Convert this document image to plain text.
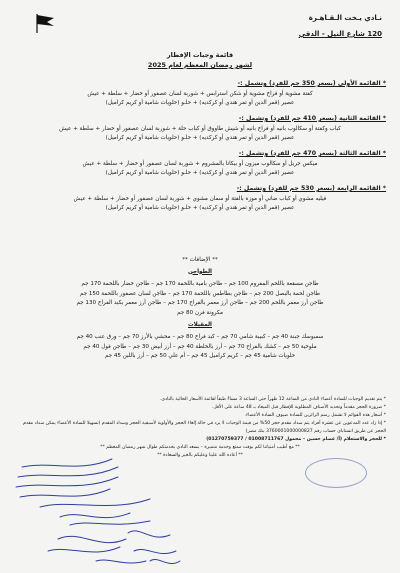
نـادي يـخت الـقـاهـرة
120 شارع النيل - الدقي
قائمة وجبات الإفطار
لشهر رمضان المعظم لعام 2025
* القائمة الأولى (بسعر 350 جم للفرد) وتشمل :-
كفتة مشوية أو فراخ مشوية أو شكن استرابس + شوربة لسان عصفور أو خضار + سلطة + عيش
عصير (قمر الدين أو تمر هندي أو كركديه) + حلـو (حلويات شامية أو كريم كراميل)
* القائمة الثانية (بسعر 410 جم للفرد) وتشمل :-
كباب وكفتة أو سكالوب بانيه أو فراخ بانيه أو شيش طاووق أو كباب حلة + شوربة لسان عصفور أو خضار + سلطة + عيش
عصير (قمر الدين أو تمر هندي أو كركديه) + حلـو (حلويات شامية أو كريم كراميل)
* القائمة الثالثة (بسعر 470 جم للفرد) وتشمل :-
ميكس جريل أو سكالوب ميزون أو بيكاتا بالمشروم + شوربة لسان عصفور أو خضار + سلطة + عيش
عصير (قمر الدين أو تمر هندي أو كركديه) + حلـو (حلويات شامية أو كريم كراميل)
* القائمة الرابعة (بسعر 530 جم للفرد) وتشمل :-
فيليه مشوي أو كباب ضاني أو موزة بالفتة أو سمان مشوي + شوربة لسان عصفور أو خضار + سلطة + عيش
عصير (قمر الدين أو تمر هندي أو كركديه) + حلـو (حلويات شامية أو كريم كراميل)
** الإضافات **
الطواجن
طاجن مسقعة باللحم المفروم 100 جم – طاجن بامية باللحمة 170 جم – طاجن خضار باللحمة 170 جم
طاجن لحمة بالبصل 200 جم – طاجن بطاطس باللحمة 170 جم – طاجن لسان عصفور باللحمة 150 جم
طاجن أرز معمر باللحم 200 جم – طاجن أرز معمر بالفراخ 170 جم – طاجن أرز معمر بكبد الفراخ 130 جم
مكرونة فرن 80 جم
المقبلات
سمبوسك جبنة 40 جم – كبيبة شامي 70 جم – كبد فراخ 80 جم – محشي بالأرز 70 جم – ورق عنب 40 جم
ملوخية 50 جم – كشك بالفراخ 70 جم – أرز بالخلطة 40 جم – أرز أبيض 30 جم – طاجن فول 40 جم
حلويات شامية 45 جم – كريم كراميل 45 جم – أم علي 50 جم – أرز باللبن 45 جم
* يتم تقديم الوجبات للسادة أعضاء النادي من الساعة 12 ظهراً حتى الساعة 3 مساءً طبقاً لقائمة الأسعار الحالية بالنادي.
* ضرورة الحجز مقدماً وتحديد الأصناف المطلوبة للإفطار قبل الميعاد بـ 48 ساعة على الأقل.
* أسعار هذه القوائم لا تشمل رسم الزائرين للسادة ضيوف السادة الأعضاء.
* إذا زاد عدد المدعوين عن عشرة أفراد يتم سداد مقدم حجز 50% من قيمة الوجبات لا يرد في حالة إلغاء الحجز والأولوية لأسبقية الحجز وسداد المقدم (تسهيلا للسادة الأعضاء يمكن سداد مقدم الحجز عن طريق انستاباي حساب رقم 3760001000000827 بنك مصر)
* للحجز والاستعلام (أ/ عصام حسين – محمول 01008711767 / 01270759377)
** مع أطيب أمنياتنا لكم بوقت ممتع وخدمة متميزة – يسعد النادي بخدمتكم طوال شهر رمضان المعظم **
** أعاده الله علينا وعليكم بالخير والسعادة **
